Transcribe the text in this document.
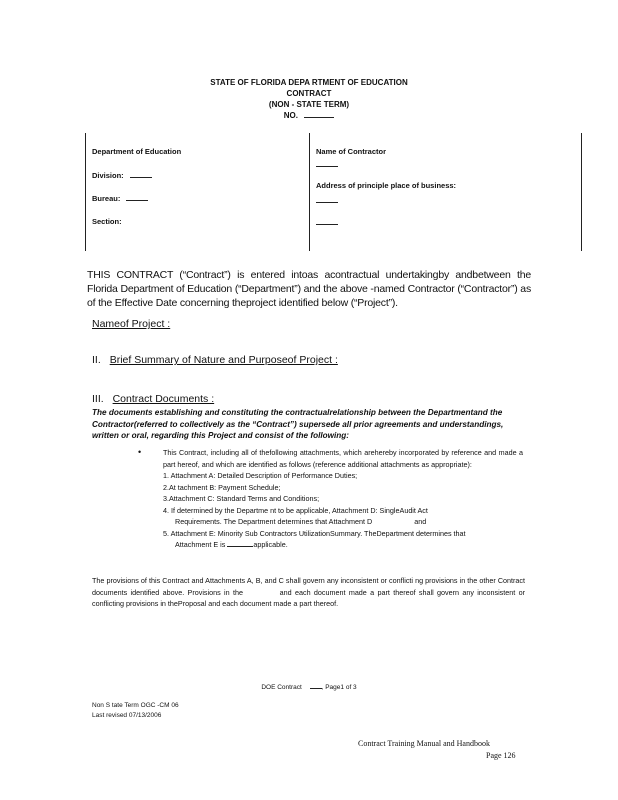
STATE OF FLORIDA DEPA RTMENT OF EDUCATION
CONTRACT
(NON - STATE TERM)
NO.
Department of Education
Division:
Bureau:
Section:
Name of Contractor
Address of principle place of business:
THIS CONTRACT (“Contract”) is entered intoas acontractual undertakingby andbetween the Florida Department of Education (“Department”) and the above -named Contractor (“Contractor”) as of the Effective Date concerning theproject identified below (“Project”).
Nameof Project :
II. Brief Summary of Nature and Purposeof Project :
III. Contract Documents :
The documents establishing and constituting the contractualrelationship between the Departmentand the Contractor(referred to collectively as the “Contract”) supersede all prior agreements and understandings, written or oral, regarding this Project and consist of the following:
•	This Contract, including all of thefollowing attachments, which arehereby incorporated by reference and made a part hereof, and which are identified as follows (reference additional attachments as appropriate):
1. Attachment A: Detailed Description of Performance Duties;
2.At tachment B: Payment Schedule;
3.Attachment C: Standard Terms and Conditions;
4. If determined by the Departme nt to be applicable, Attachment D: SingleAudit Act
Requirements. The Department determines that Attachment D	and
5. Attachment E: Minority Sub Contractors UtilizationSummary. TheDepartment determines that
Attachment E is	applicable.
The provisions of this Contract and Attachments A, B, and C shall govern any inconsistent or conflicti ng provisions in the other Contract documents identified above. Provisions in the	and each document made a part thereof shall govern any inconsistent or conflicting provisions in theProposal and each document made a part thereof.
DOE Contract	, Page1 of 3
Non S tate Term OGC -CM 06
Last revised 07/13/2006
Contract Training Manual and Handbook
Page 126
